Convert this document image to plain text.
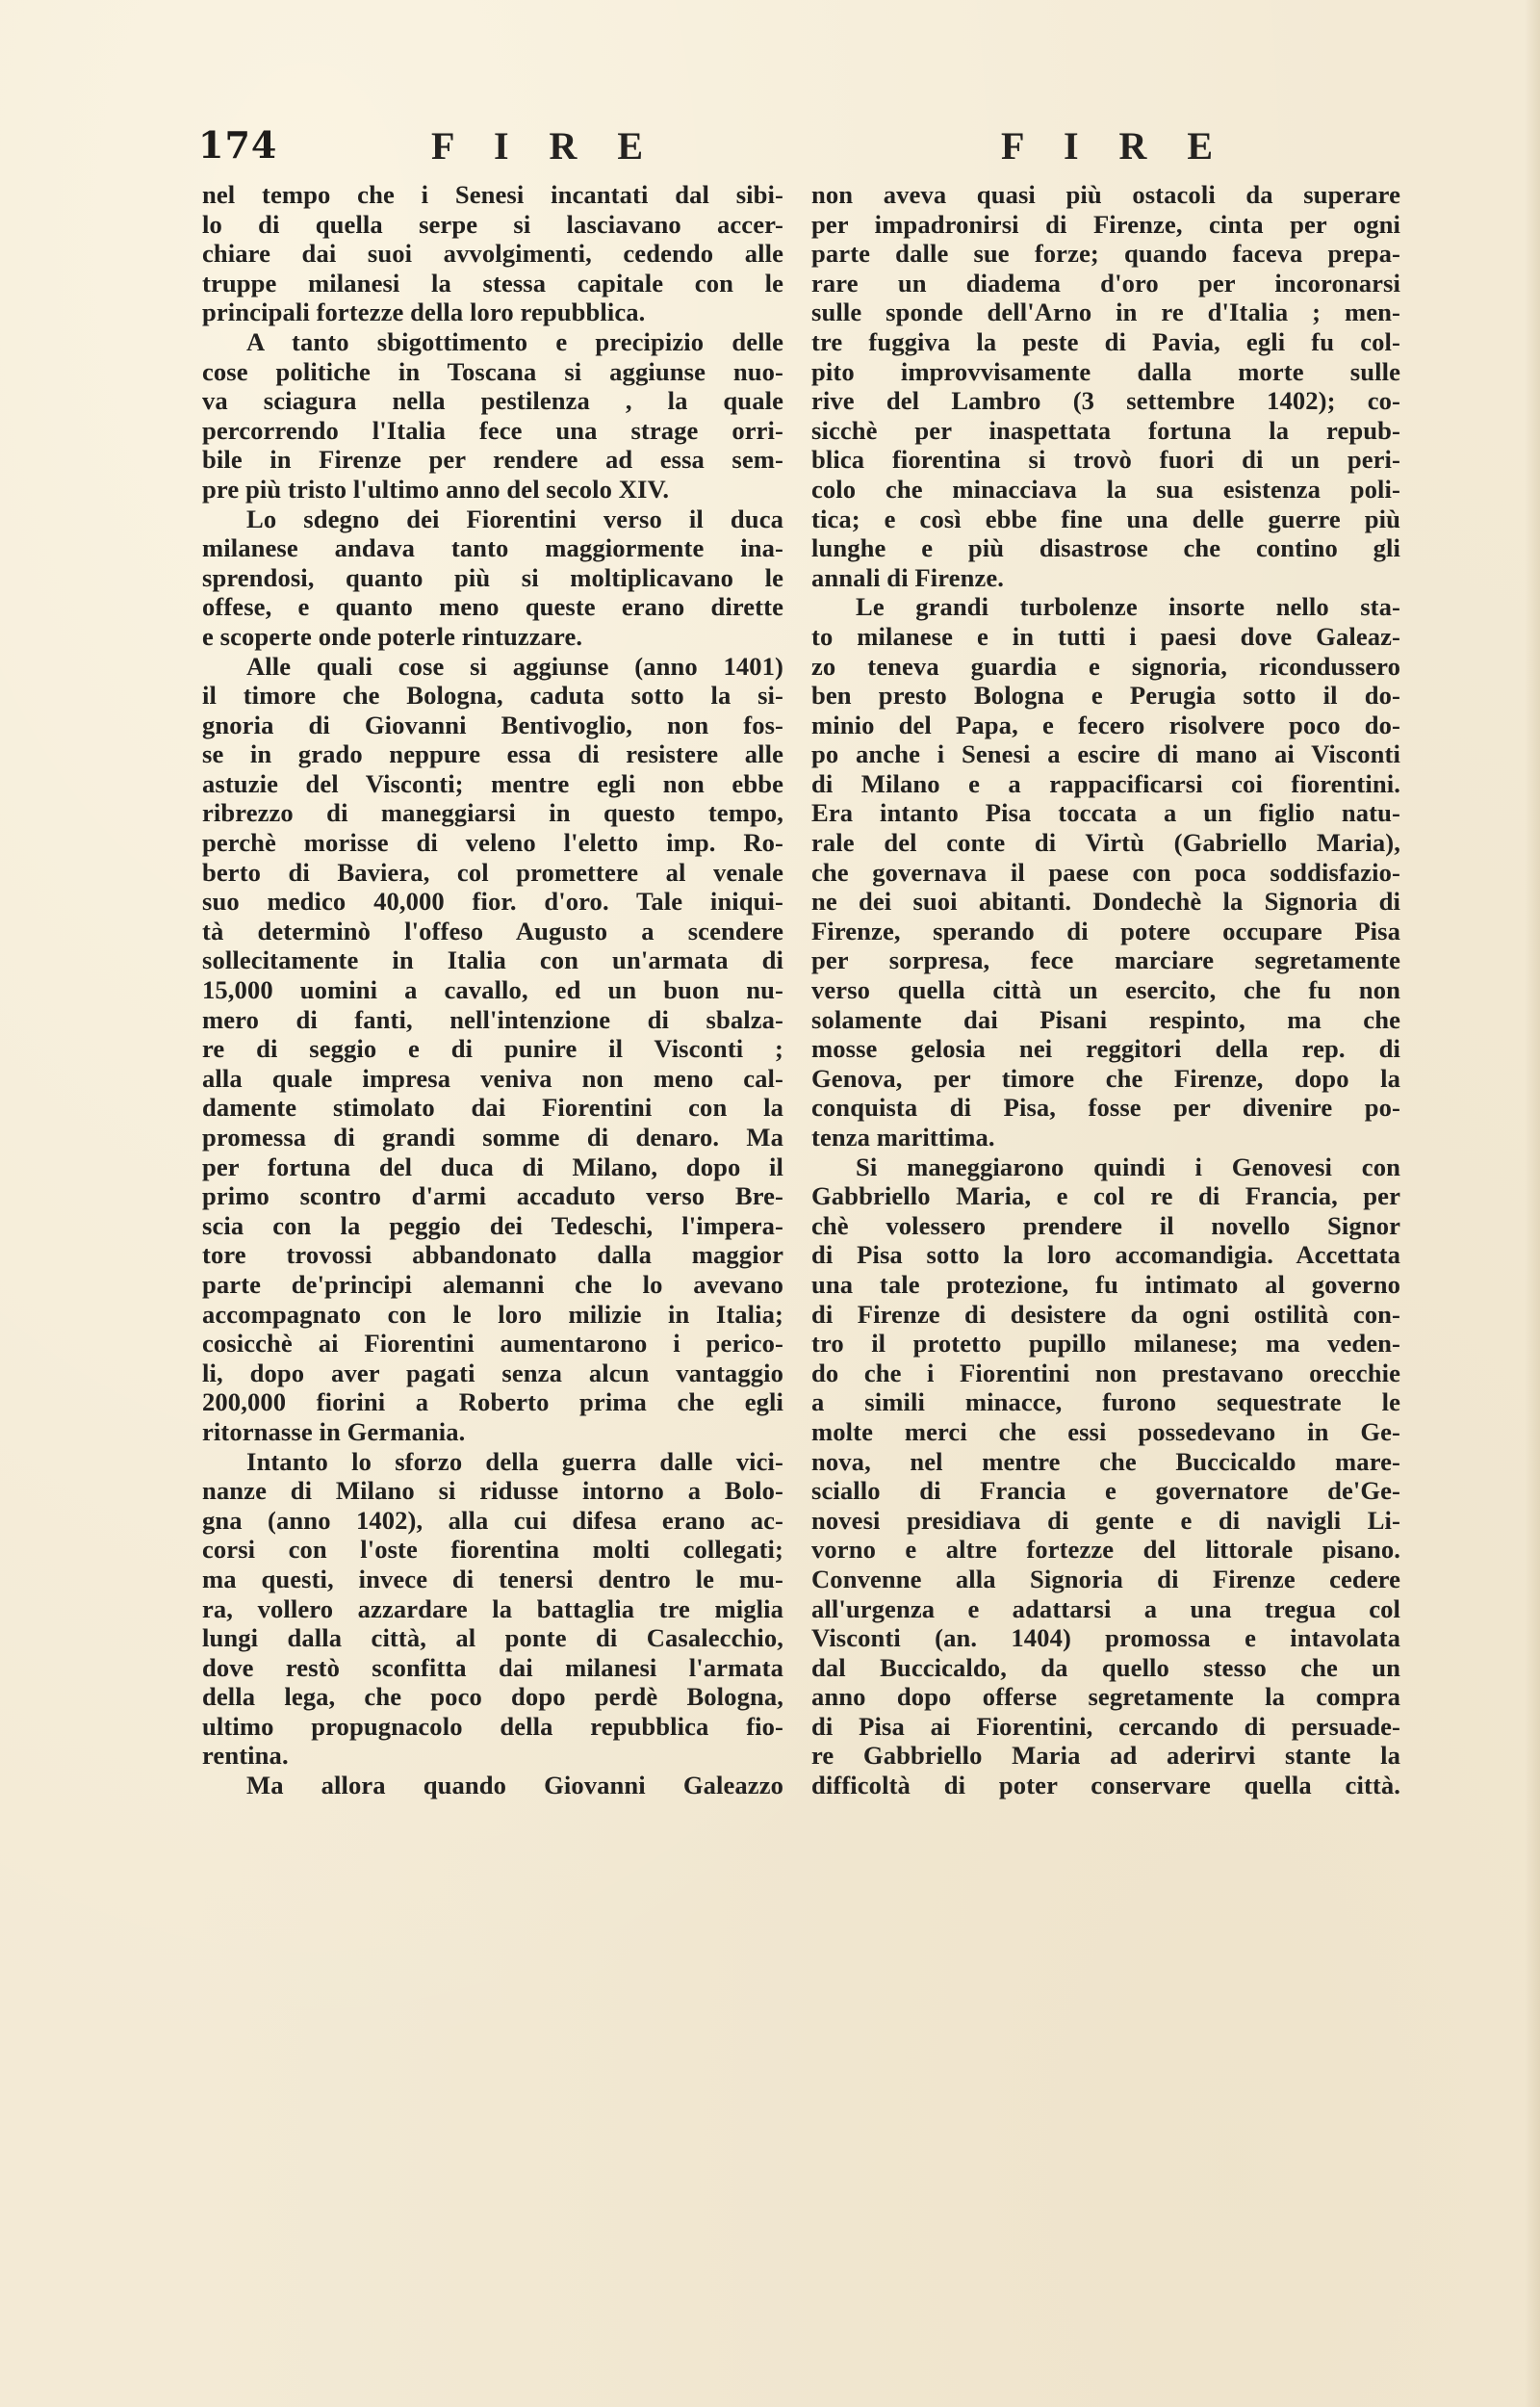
174	F I R E	F I R E
nel tempo che i Senesi incantati dal sibi-
lo di quella serpe si lasciavano accer-
chiare dai suoi avvolgimenti, cedendo alle
truppe milanesi la stessa capitale con le
principali fortezze della loro repubblica.
A tanto sbigottimento e precipizio delle
cose politiche in Toscana si aggiunse nuo-
va sciagura nella pestilenza , la quale
percorrendo l'Italia fece una strage orri-
bile in Firenze per rendere ad essa sem-
pre più tristo l'ultimo anno del secolo XIV.
Lo sdegno dei Fiorentini verso il duca
milanese andava tanto maggiormente ina-
sprendosi, quanto più si moltiplicavano le
offese, e quanto meno queste erano dirette
e scoperte onde poterle rintuzzare.
Alle quali cose si aggiunse (anno 1401)
il timore che Bologna, caduta sotto la si-
gnoria di Giovanni Bentivoglio, non fos-
se in grado neppure essa di resistere alle
astuzie del Visconti; mentre egli non ebbe
ribrezzo di maneggiarsi in questo tempo,
perchè morisse di veleno l'eletto imp. Ro-
berto di Baviera, col promettere al venale
suo medico 40,000 fior. d'oro. Tale iniqui-
tà determinò l'offeso Augusto a scendere
sollecitamente in Italia con un'armata di
15,000 uomini a cavallo, ed un buon nu-
mero di fanti, nell'intenzione di sbalza-
re di seggio e di punire il Visconti ;
alla quale impresa veniva non meno cal-
damente stimolato dai Fiorentini con la
promessa di grandi somme di denaro. Ma
per fortuna del duca di Milano, dopo il
primo scontro d'armi accaduto verso Bre-
scia con la peggio dei Tedeschi, l'impera-
tore trovossi abbandonato dalla maggior
parte de'principi alemanni che lo avevano
accompagnato con le loro milizie in Italia;
cosicchè ai Fiorentini aumentarono i perico-
li, dopo aver pagati senza alcun vantaggio
200,000 fiorini a Roberto prima che egli
ritornasse in Germania.
Intanto lo sforzo della guerra dalle vici-
nanze di Milano si ridusse intorno a Bolo-
gna (anno 1402), alla cui difesa erano ac-
corsi con l'oste fiorentina molti collegati;
ma questi, invece di tenersi dentro le mu-
ra, vollero azzardare la battaglia tre miglia
lungi dalla città, al ponte di Casalecchio,
dove restò sconfitta dai milanesi l'armata
della lega, che poco dopo perdè Bologna,
ultimo propugnacolo della repubblica fio-
rentina.
Ma allora quando Giovanni Galeazzo
non aveva quasi più ostacoli da superare
per impadronirsi di Firenze, cinta per ogni
parte dalle sue forze; quando faceva prepa-
rare un diadema d'oro per incoronarsi
sulle sponde dell'Arno in re d'Italia ; men-
tre fuggiva la peste di Pavia, egli fu col-
pito improvvisamente dalla morte sulle
rive del Lambro (3 settembre 1402); co-
sicchè per inaspettata fortuna la repub-
blica fiorentina si trovò fuori di un peri-
colo che minacciava la sua esistenza poli-
tica; e così ebbe fine una delle guerre più
lunghe e più disastrose che contino gli
annali di Firenze.
Le grandi turbolenze insorte nello sta-
to milanese e in tutti i paesi dove Galeaz-
zo teneva guardia e signoria, ricondussero
ben presto Bologna e Perugia sotto il do-
minio del Papa, e fecero risolvere poco do-
po anche i Senesi a escire di mano ai Visconti
di Milano e a rappacificarsi coi fiorentini.
Era intanto Pisa toccata a un figlio natu-
rale del conte di Virtù (Gabriello Maria),
che governava il paese con poca soddisfazio-
ne dei suoi abitanti. Dondechè la Signoria di
Firenze, sperando di potere occupare Pisa
per sorpresa, fece marciare segretamente
verso quella città un esercito, che fu non
solamente dai Pisani respinto, ma che
mosse gelosia nei reggitori della rep. di
Genova, per timore che Firenze, dopo la
conquista di Pisa, fosse per divenire po-
tenza marittima.
Si maneggiarono quindi i Genovesi con
Gabbriello Maria, e col re di Francia, per
chè volessero prendere il novello Signor
di Pisa sotto la loro accomandigia. Accettata
una tale protezione, fu intimato al governo
di Firenze di desistere da ogni ostilità con-
tro il protetto pupillo milanese; ma veden-
do che i Fiorentini non prestavano orecchie
a simili minacce, furono sequestrate le
molte merci che essi possedevano in Ge-
nova, nel mentre che Buccicaldo mare-
sciallo di Francia e governatore de'Ge-
novesi presidiava di gente e di navigli Li-
vorno e altre fortezze del littorale pisano.
Convenne alla Signoria di Firenze cedere
all'urgenza e adattarsi a una tregua col
Visconti (an. 1404) promossa e intavolata
dal Buccicaldo, da quello stesso che un
anno dopo offerse segretamente la compra
di Pisa ai Fiorentini, cercando di persuade-
re Gabbriello Maria ad aderirvi stante la
difficoltà di poter conservare quella città.
